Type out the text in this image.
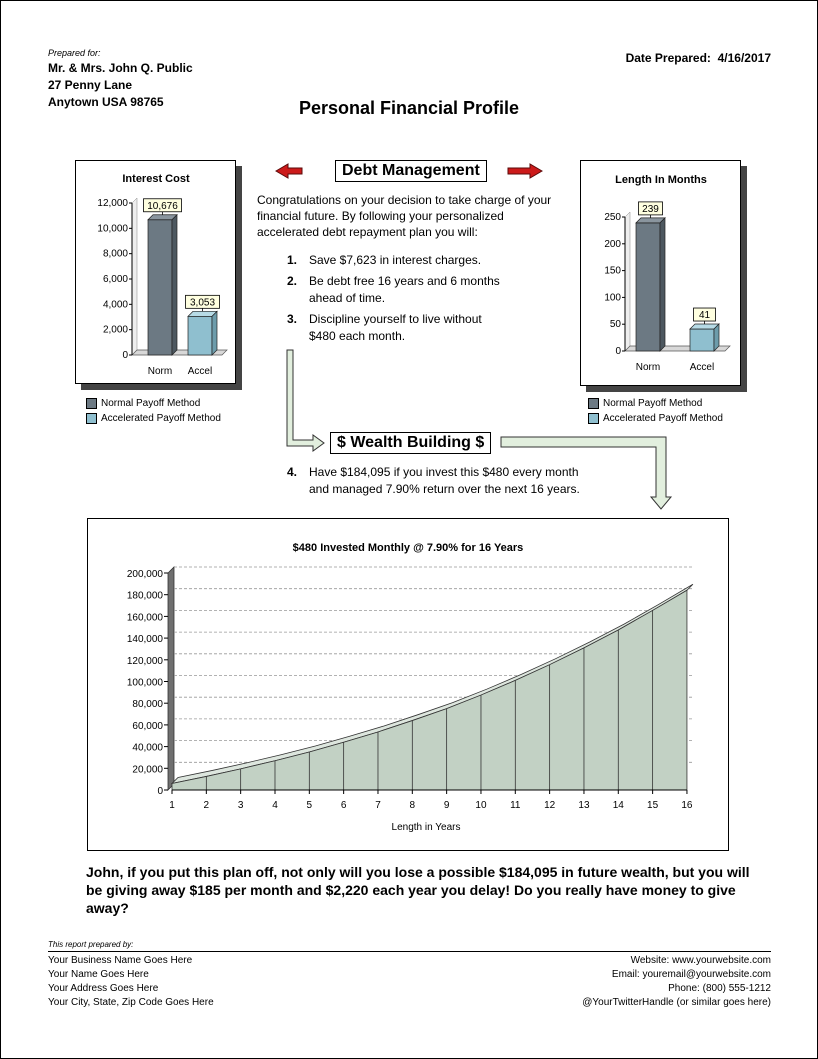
Prepared for:
Mr. & Mrs. John Q. Public
27 Penny Lane
Anytown USA 98765
Date Prepared: 4/16/2017
Personal Financial Profile
Interest Cost
0
2,000
4,000
6,000
8,000
10,000
12,000 10,676
Norm
3,053
Accel
Normal Payoff Method
Accelerated Payoff Method
Length In Months
0
50
100
150
200
250
239
Norm
41
Accel
Normal Payoff Method
Accelerated Payoff Method
Debt Management
Congratulations on your decision to take charge of your financial future. By following your personalized accelerated debt repayment plan you will:
1. Save $7,623 in interest charges.
2. Be debt free 16 years and 6 months
ahead of time.
3. Discipline yourself to live without
$480 each month.
$ Wealth Building $
4. Have $184,095 if you invest this $480 every month
and managed 7.90% return over the next 16 years.
$480 Invested Monthly @ 7.90% for 16 Years
0
20,000
40,000
60,000
80,000
100,000
120,000
140,000
160,000
180,000
200,000
1	2	3	4	5	6	7	8	9	10 11 12 13 14 15 16
Length in Years
John, if you put this plan off, not only will you lose a possible $184,095 in future wealth, but you will be giving away $185 per month and $2,220 each year you delay! Do you really have money to give away?
This report prepared by:
Your Business Name Goes Here
Your Name Goes Here
Your Address Goes Here
Your City, State, Zip Code Goes Here
Website: www.yourwebsite.com
Email: youremail@yourwebsite.com
Phone: (800) 555-1212
@YourTwitterHandle (or similar goes here)
